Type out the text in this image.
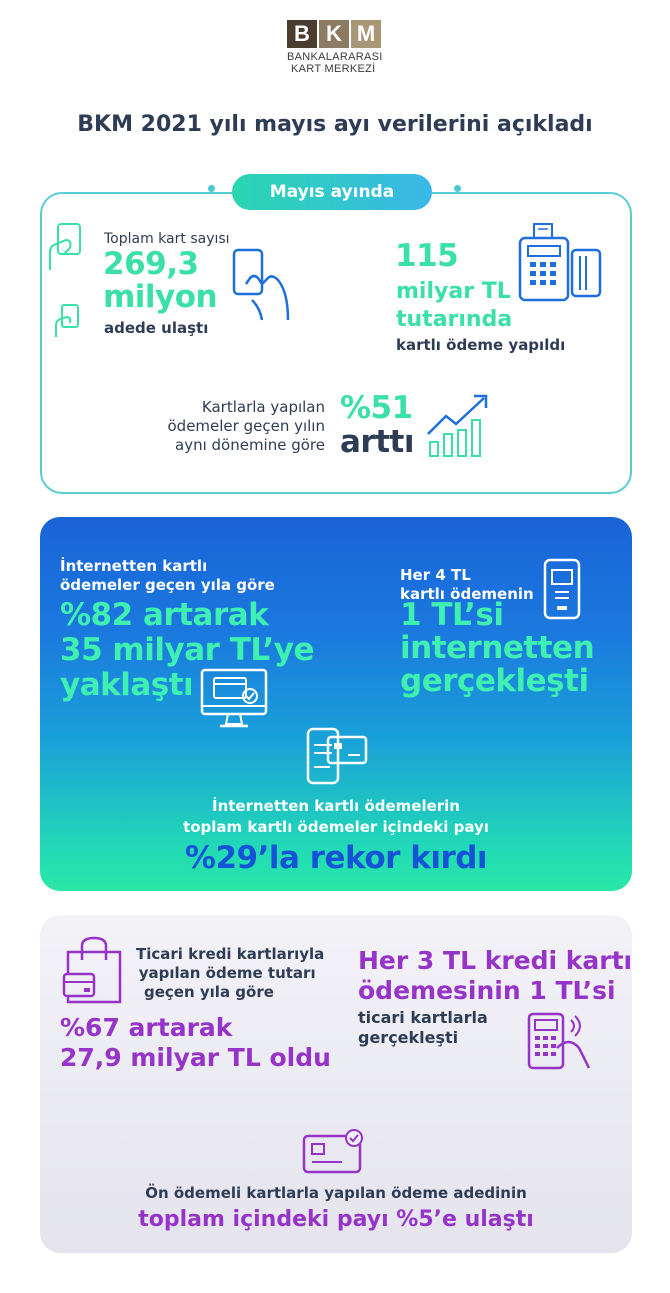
B K M
BANKALARARASI
KART MERKEZİ
BKM 2021 yılı mayıs ayı verilerini açıkladı
Mayıs ayında
Toplam kart sayısı
269,3
milyon
adede ulaştı
115
milyar TL
tutarında
kartlı ödeme yapıldı
Kartlarla yapılan
ödemeler geçen yılın
aynı dönemine göre
%51
arttı
İnternetten kartlı
ödemeler geçen yıla göre
%82 artarak
35 milyar TL’ye
yaklaştı
Her 4 TL
kartlı ödemenin
1 TL’si
internetten
gerçekleşti
İnternetten kartlı ödemelerin
toplam kartlı ödemeler içindeki payı
%29’la rekor kırdı
Ticari kredi kartlarıyla
yapılan ödeme tutarı
geçen yıla göre
%67 artarak
27,9 milyar TL oldu
Her 3 TL kredi kartı
ödemesinin 1 TL’si
ticari kartlarla
gerçekleşti
Ön ödemeli kartlarla yapılan ödeme adedinin
toplam içindeki payı %5’e ulaştı
